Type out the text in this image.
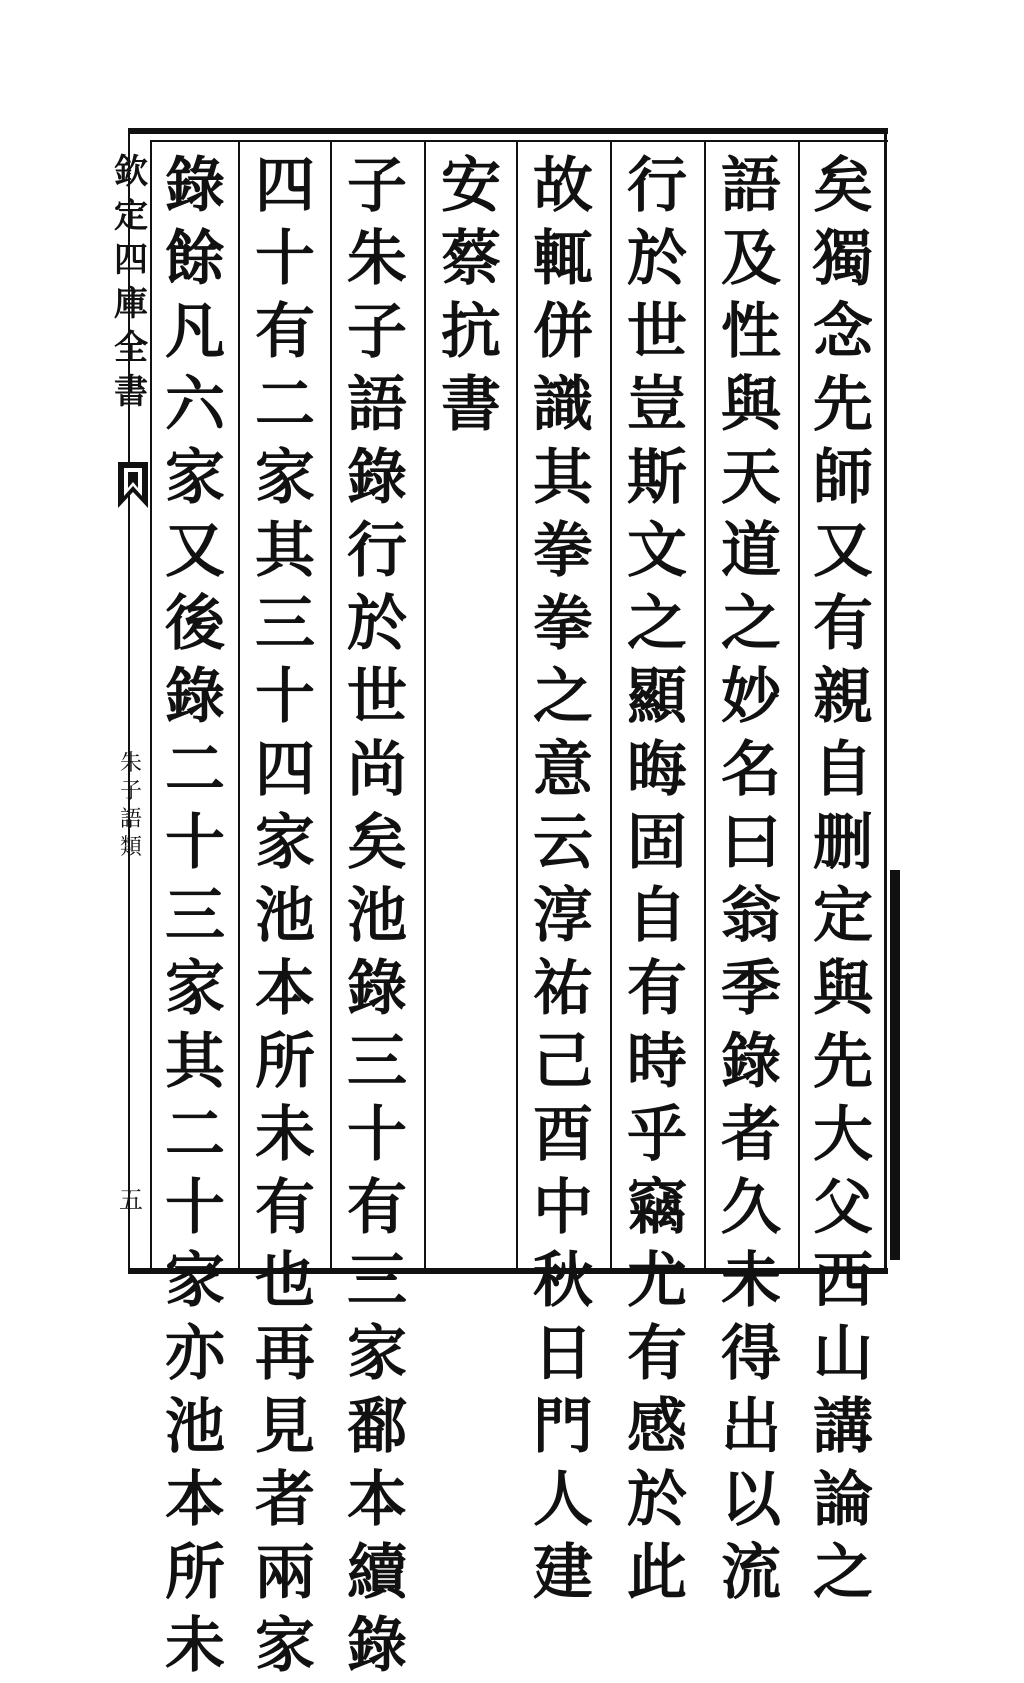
欽
定
四
庫
全
書
朱
子
語
類
五
矣
獨
念
先
師
又
有
親
自
删
定
與
先
大
父
西
山
講
論
之
語
及
性
與
天
道
之
妙
名
曰
翁
季
錄
者
久
未
得
出
以
流
行
於
世
豈
斯
文
之
顯
晦
固
自
有
時
乎
竊
尤
有
感
於
此
故
輒
併
識
其
拳
拳
之
意
云
淳
祐
己
酉
中
秋
日
門
人
建
安
蔡
抗
書
子
朱
子
語
錄
行
於
世
尚
矣
池
錄
三
十
有
三
家
鄱
本
續
錄
四
十
有
二
家
其
三
十
四
家
池
本
所
未
有
也
再
見
者
兩
家
錄
餘
凡
六
家
又
後
錄
二
十
三
家
其
二
十
家
亦
池
本
所
未
